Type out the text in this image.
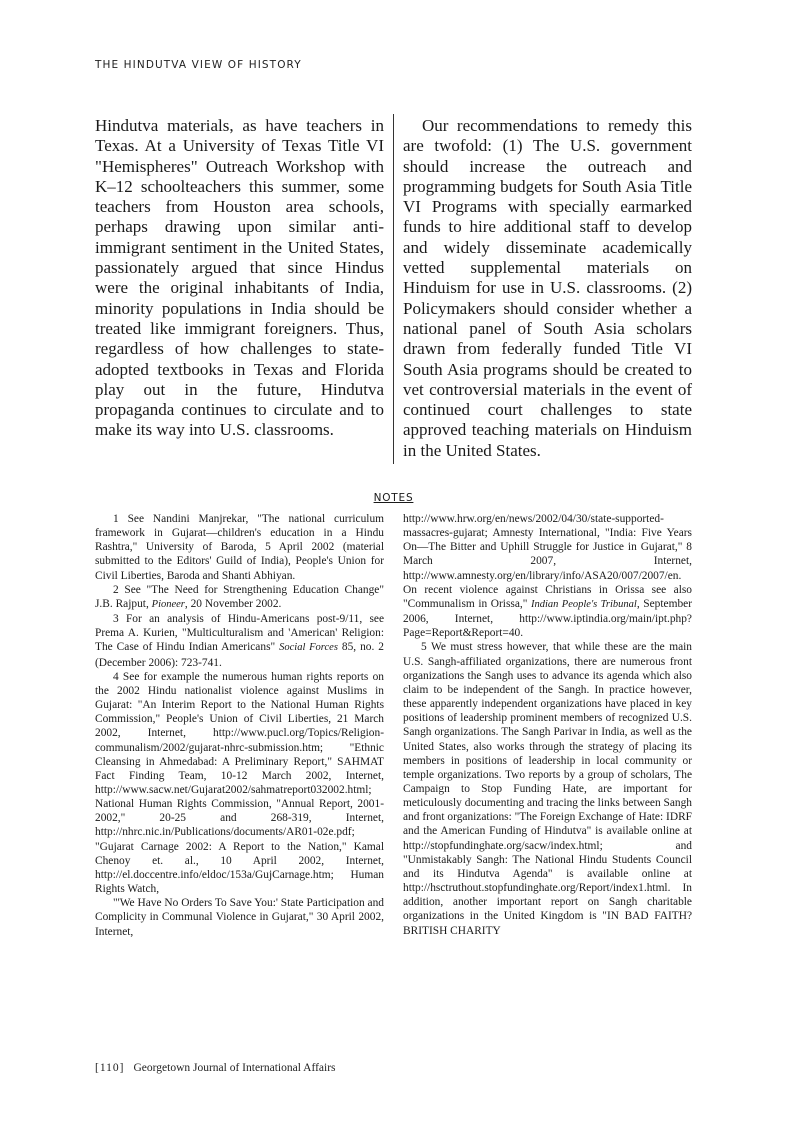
THE HINDUTVA VIEW OF HISTORY

Hindutva materials, as have teachers in Texas. At a University of Texas Title VI "Hemispheres" Outreach Workshop with K–12 schoolteachers this summer, some teachers from Houston area schools, perhaps drawing upon similar anti-immigrant sentiment in the United States, passionately argued that since Hindus were the original inhabitants of India, minority populations in India should be treated like immigrant foreigners. Thus, regardless of how challenges to state-adopted textbooks in Texas and Florida play out in the future, Hindutva propaganda continues to circulate and to make its way into U.S. classrooms.

Our recommendations to remedy this are twofold: (1) The U.S. government should increase the outreach and programming budgets for South Asia Title VI Programs with specially earmarked funds to hire additional staff to develop and widely disseminate academically vetted supplemental materials on Hinduism for use in U.S. classrooms. (2) Policymakers should consider whether a national panel of South Asia scholars drawn from federally funded Title VI South Asia programs should be created to vet controversial materials in the event of continued court challenges to state approved teaching materials on Hinduism in the United States.

NOTES

1 See Nandini Manjrekar, "The national curriculum framework in Gujarat—children's education in a Hindu Rashtra," University of Baroda, 5 April 2002 (material submitted to the Editors' Guild of India), People's Union for Civil Liberties, Baroda and Shanti Abhiyan.

2 See "The Need for Strengthening Education Change" J.B. Rajput, Pioneer, 20 November 2002.

3 For an analysis of Hindu-Americans post-9/11, see Prema A. Kurien, "Multiculturalism and 'American' Religion: The Case of Hindu Indian Americans" Social Forces 85, no. 2 (December 2006): 723-741.

4 See for example the numerous human rights reports on the 2002 Hindu nationalist violence against Muslims in Gujarat: "An Interim Report to the National Human Rights Commission," People's Union of Civil Liberties, 21 March 2002, Internet, http://www.pucl.org/Topics/Religion-communalism/2002/gujarat-nhrc-submission.htm; "Ethnic Cleansing in Ahmedabad: A Preliminary Report," SAHMAT Fact Finding Team, 10-12 March 2002, Internet, http://www.sacw.net/Gujarat2002/sahmatreport032002.html; National Human Rights Commission, "Annual Report, 2001-2002," 20-25 and 268-319, Internet, http://nhrc.nic.in/Publications/documents/AR01-02e.pdf; "Gujarat Carnage 2002: A Report to the Nation," Kamal Chenoy et. al., 10 April 2002, Internet, http://el.doccentre.info/eldoc/153a/GujCarnage.htm; Human Rights Watch,

"'We Have No Orders To Save You:' State Participation and Complicity in Communal Violence in Gujarat," 30 April 2002, Internet,

http://www.hrw.org/en/news/2002/04/30/state-supported-massacres-gujarat; Amnesty International, "India: Five Years On—The Bitter and Uphill Struggle for Justice in Gujarat," 8 March 2007, Internet, http://www.amnesty.org/en/library/info/ASA20/007/2007/en. On recent violence against Christians in Orissa see also "Communalism in Orissa," Indian People's Tribunal, September 2006, Internet, http://www.iptindia.org/main/ipt.php?Page=Report&Report=40.

5 We must stress however, that while these are the main U.S. Sangh-affiliated organizations, there are numerous front organizations the Sangh uses to advance its agenda which also claim to be independent of the Sangh. In practice however, these apparently independent organizations have placed in key positions of leadership prominent members of recognized U.S. Sangh organizations. The Sangh Parivar in India, as well as the United States, also works through the strategy of placing its members in positions of leadership in local community or temple organizations. Two reports by a group of scholars, The Campaign to Stop Funding Hate, are important for meticulously documenting and tracing the links between Sangh and front organizations: "The Foreign Exchange of Hate: IDRF and the American Funding of Hindutva" is available online at http://stopfundinghate.org/sacw/index.html; and "Unmistakably Sangh: The National Hindu Students Council and its Hindutva Agenda" is available online at http://hsctruthout.stopfundinghate.org/Report/index1.html. In addition, another important report on Sangh charitable organizations in the United Kingdom is "IN BAD FAITH? BRITISH CHARITY

[110] Georgetown Journal of International Affairs
